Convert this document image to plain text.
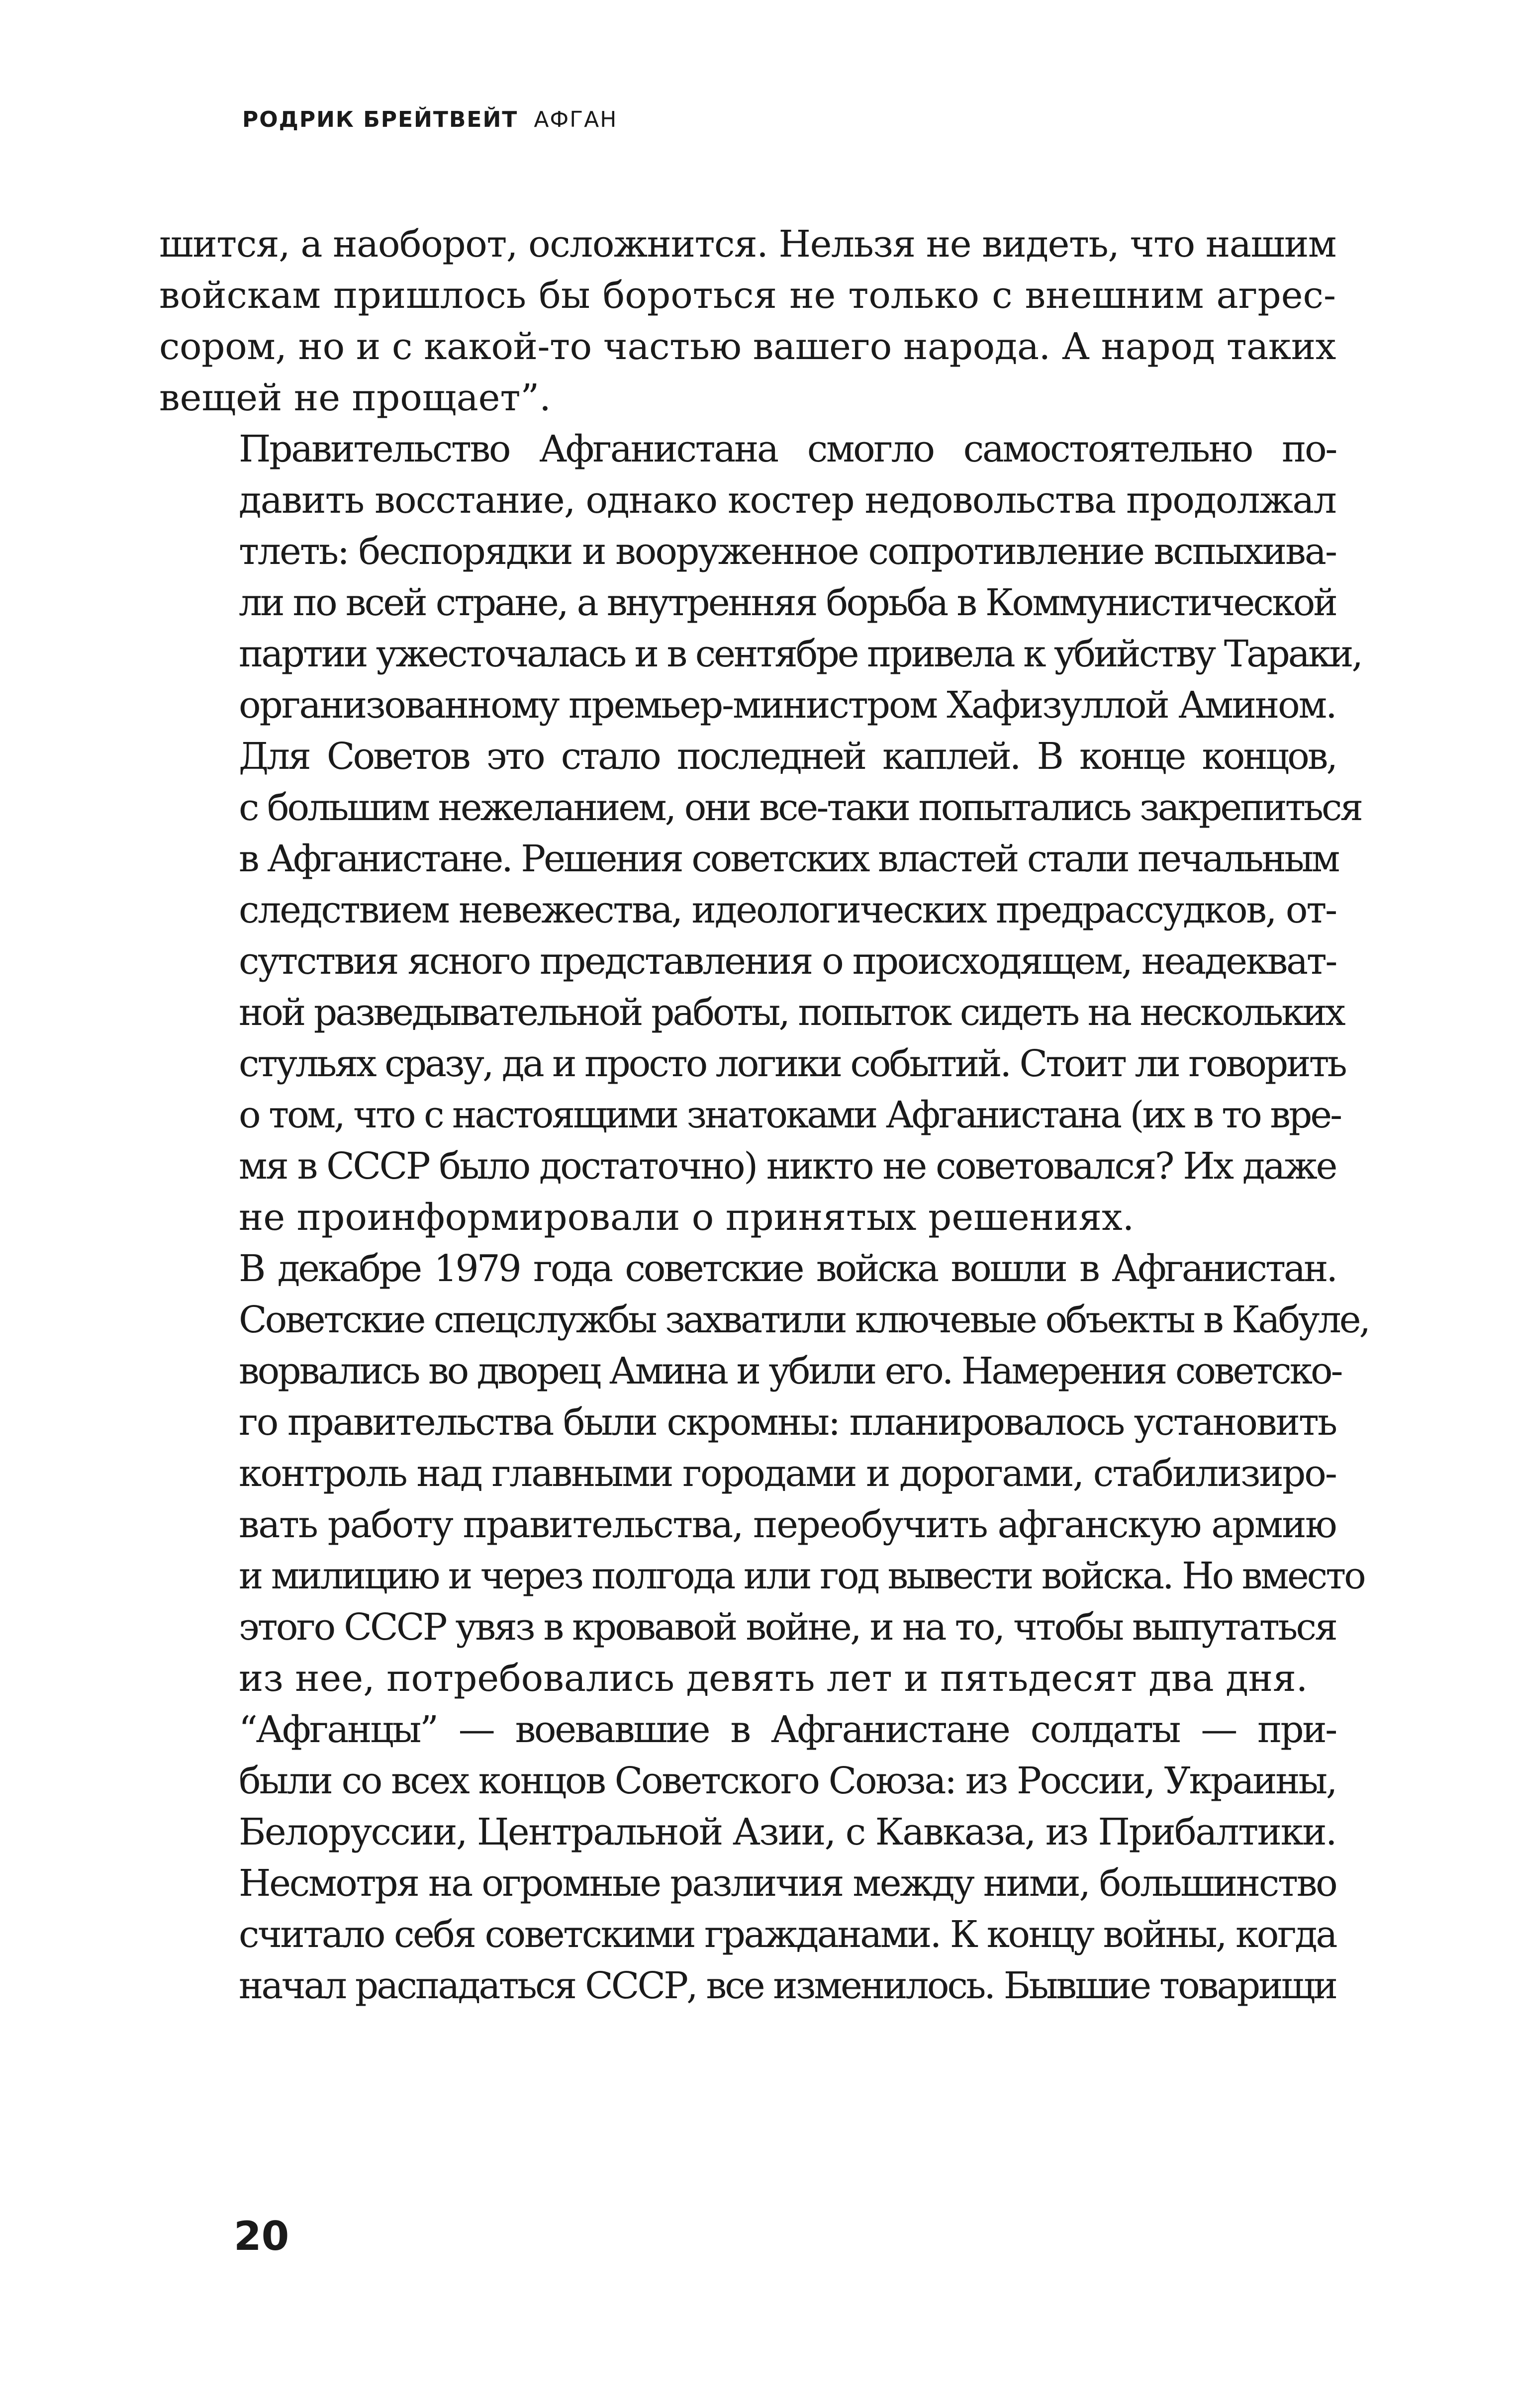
РОДРИК БРЕЙТВЕЙТ АФГАН

шится, а наоборот, осложнится. Нельзя не видеть, что нашим
войскам пришлось бы бороться не только с внешним агрес-
сором, но и с какой-то частью вашего народа. А народ таких
вещей не прощает”.

Правительство Афганистана смогло самостоятельно по-
давить восстание, однако костер недовольства продолжал
тлеть: беспорядки и вооруженное сопротивление вспыхива-
ли по всей стране, а внутренняя борьба в Коммунистической
партии ужесточалась и в сентябре привела к убийству Тараки,
организованному премьер-министром Хафизуллой Амином.

Для Советов это стало последней каплей. В конце концов,
с большим нежеланием, они все-таки попытались закрепиться
в Афганистане. Решения советских властей стали печальным
следствием невежества, идеологических предрассудков, от-
сутствия ясного представления о происходящем, неадекват-
ной разведывательной работы, попыток сидеть на нескольких
стульях сразу, да и просто логики событий. Стоит ли говорить
о том, что с настоящими знатоками Афганистана (их в то вре-
мя в СССР было достаточно) никто не советовался? Их даже
не проинформировали о принятых решениях.

В декабре 1979 года советские войска вошли в Афганистан.
Советские спецслужбы захватили ключевые объекты в Кабуле,
ворвались во дворец Амина и убили его. Намерения советско-
го правительства были скромны: планировалось установить
контроль над главными городами и дорогами, стабилизиро-
вать работу правительства, переобучить афганскую армию
и милицию и через полгода или год вывести войска. Но вместо
этого СССР увяз в кровавой войне, и на то, чтобы выпутаться
из нее, потребовались девять лет и пятьдесят два дня.

“Афганцы” — воевавшие в Афганистане солдаты — при-
были со всех концов Советского Союза: из России, Украины,
Белоруссии, Центральной Азии, с Кавказа, из Прибалтики.
Несмотря на огромные различия между ними, большинство
считало себя советскими гражданами. К концу войны, когда
начал распадаться СССР, все изменилось. Бывшие товарищи

20
